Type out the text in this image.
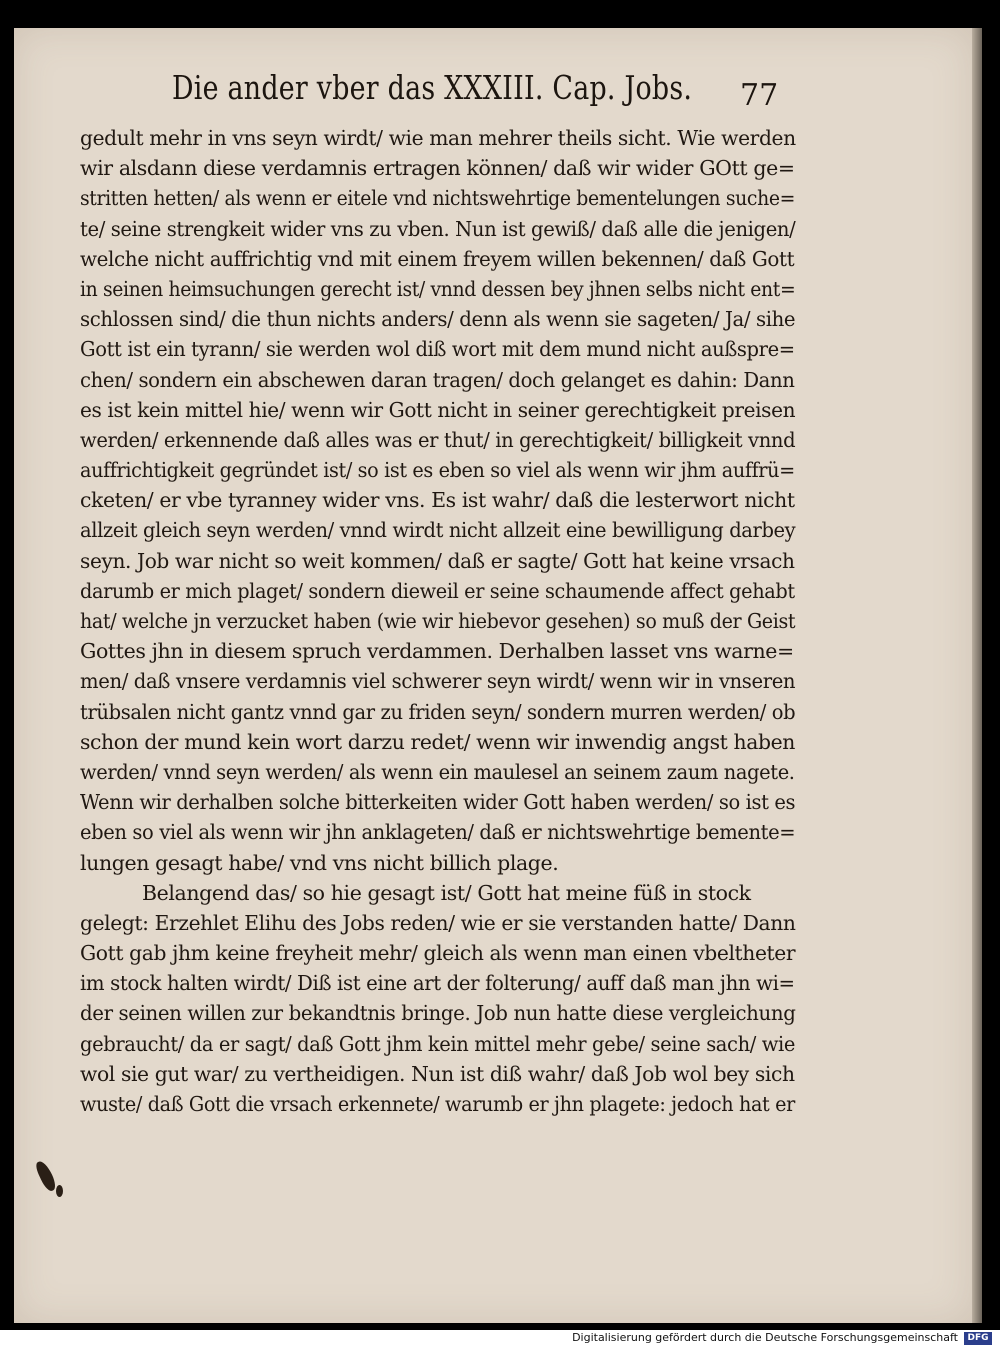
Die ander vber das XXXIII. Cap. Jobs. 77
gedult mehr in vns seyn wirdt/ wie man mehrer theils sicht. Wie werden
wir alsdann diese verdamnis ertragen können/ daß wir wider GOtt ge=
stritten hetten/ als wenn er eitele vnd nichtswehrtige bementelungen suche=
te/ seine strengkeit wider vns zu vben. Nun ist gewiß/ daß alle die jenigen/
welche nicht auffrichtig vnd mit einem freyem willen bekennen/ daß Gott
in seinen heimsuchungen gerecht ist/ vnnd dessen bey jhnen selbs nicht ent=
schlossen sind/ die thun nichts anders/ denn als wenn sie sageten/ Ja/ sihe
Gott ist ein tyrann/ sie werden wol diß wort mit dem mund nicht außspre=
chen/ sondern ein abschewen daran tragen/ doch gelanget es dahin: Dann
es ist kein mittel hie/ wenn wir Gott nicht in seiner gerechtigkeit preisen
werden/ erkennende daß alles was er thut/ in gerechtigkeit/ billigkeit vnnd
auffrichtigkeit gegründet ist/ so ist es eben so viel als wenn wir jhm auffrü=
cketen/ er vbe tyranney wider vns. Es ist wahr/ daß die lesterwort nicht
allzeit gleich seyn werden/ vnnd wirdt nicht allzeit eine bewilligung darbey
seyn. Job war nicht so weit kommen/ daß er sagte/ Gott hat keine vrsach
darumb er mich plaget/ sondern dieweil er seine schaumende affect gehabt
hat/ welche jn verzucket haben (wie wir hiebevor gesehen) so muß der Geist
Gottes jhn in diesem spruch verdammen. Derhalben lasset vns warne=
men/ daß vnsere verdamnis viel schwerer seyn wirdt/ wenn wir in vnseren
trübsalen nicht gantz vnnd gar zu friden seyn/ sondern murren werden/ ob
schon der mund kein wort darzu redet/ wenn wir inwendig angst haben
werden/ vnnd seyn werden/ als wenn ein maulesel an seinem zaum nagete.
Wenn wir derhalben solche bitterkeiten wider Gott haben werden/ so ist es
eben so viel als wenn wir jhn anklageten/ daß er nichtswehrtige bemente=
lungen gesagt habe/ vnd vns nicht billich plage.
Belangend das/ so hie gesagt ist/ Gott hat meine füß in stock
gelegt: Erzehlet Elihu des Jobs reden/ wie er sie verstanden hatte/ Dann
Gott gab jhm keine freyheit mehr/ gleich als wenn man einen vbeltheter
im stock halten wirdt/ Diß ist eine art der folterung/ auff daß man jhn wi=
der seinen willen zur bekandtnis bringe. Job nun hatte diese vergleichung
gebraucht/ da er sagt/ daß Gott jhm kein mittel mehr gebe/ seine sach/ wie
wol sie gut war/ zu vertheidigen. Nun ist diß wahr/ daß Job wol bey sich
wuste/ daß Gott die vrsach erkennete/ warumb er jhn plagete: jedoch hat er
Digitalisierung gefördert durch die Deutsche Forschungsgemeinschaft	DFG
